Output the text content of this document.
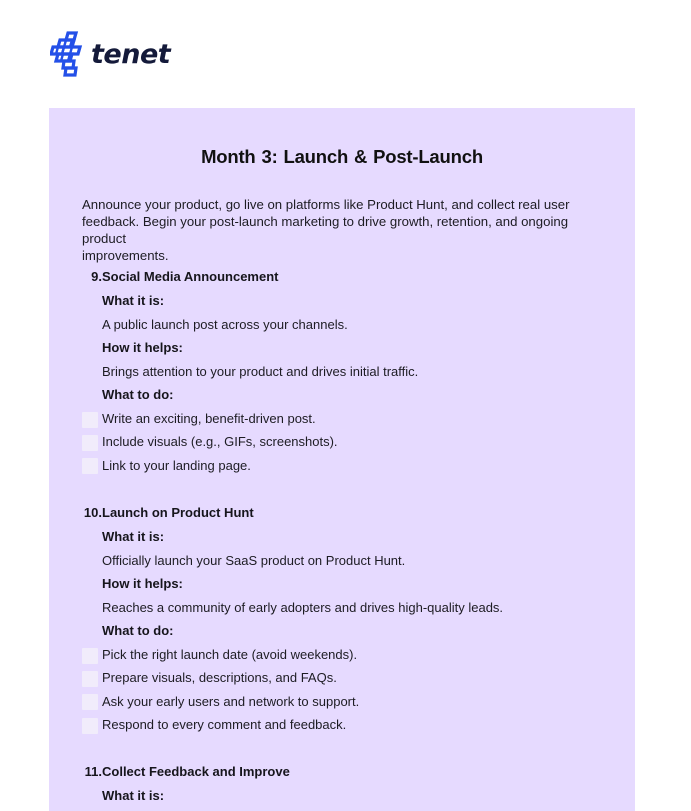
tenet
Month 3: Launch & Post-Launch
Announce your product, go live on platforms like Product Hunt, and collect real user
feedback. Begin your post-launch marketing to drive growth, retention, and ongoing product
improvements.
9. Social Media Announcement
What it is:
A public launch post across your channels.
How it helps:
Brings attention to your product and drives initial traffic.
What to do:
Write an exciting, benefit-driven post.
Include visuals (e.g., GIFs, screenshots).
Link to your landing page.
10. Launch on Product Hunt
What it is:
Officially launch your SaaS product on Product Hunt.
How it helps:
Reaches a community of early adopters and drives high-quality leads.
What to do:
Pick the right launch date (avoid weekends).
Prepare visuals, descriptions, and FAQs.
Ask your early users and network to support.
Respond to every comment and feedback.
11. Collect Feedback and Improve
What it is:
